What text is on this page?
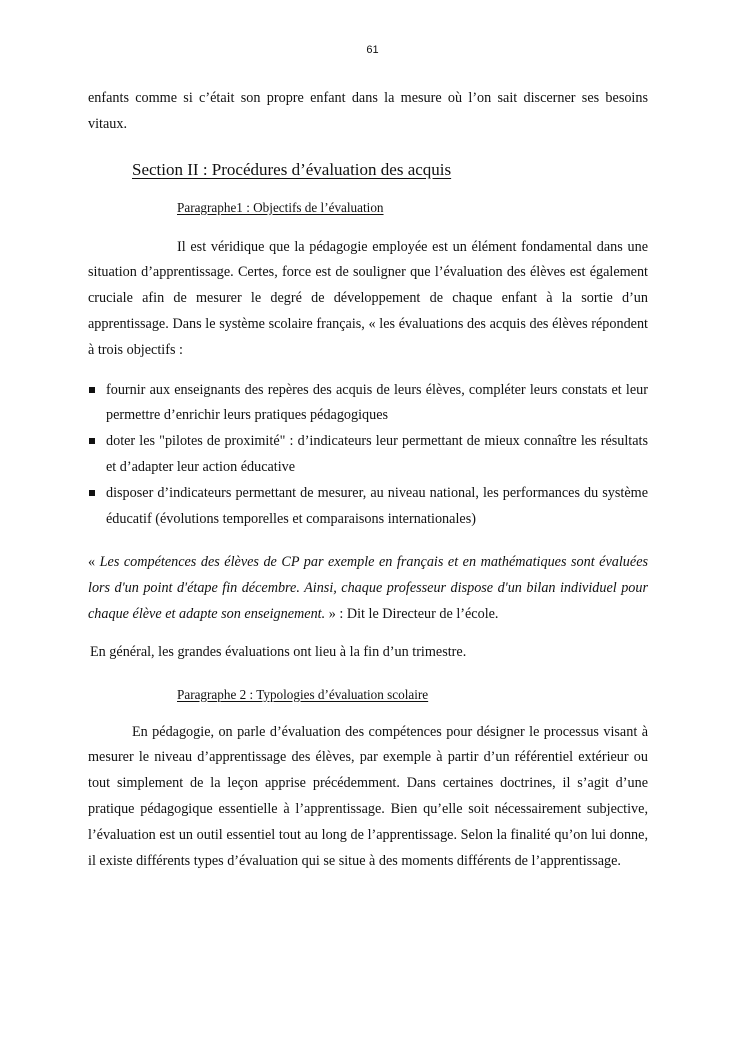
61

enfants comme si c’était son propre enfant dans la mesure où l’on sait discerner ses besoins vitaux.

Section II : Procédures d’évaluation des acquis
Paragraphe1 : Objectifs de l’évaluation

Il est véridique que la pédagogie employée est un élément fondamental dans une situation d’apprentissage. Certes, force est de souligner que l’évaluation des élèves est également cruciale afin de mesurer le degré de développement de chaque enfant à la sortie d’un apprentissage. Dans le système scolaire français, « les évaluations des acquis des élèves répondent à trois objectifs :

fournir aux enseignants des repères des acquis de leurs élèves, compléter leurs constats et leur permettre d’enrichir leurs pratiques pédagogiques
doter les "pilotes de proximité" : d’indicateurs leur permettant de mieux connaître les résultats et d’adapter leur action éducative
disposer d’indicateurs permettant de mesurer, au niveau national, les performances du système éducatif (évolutions temporelles et comparaisons internationales)

« Les compétences des élèves de CP par exemple en français et en mathématiques sont évaluées lors d'un point d'étape fin décembre. Ainsi, chaque professeur dispose d'un bilan individuel pour chaque élève et adapte son enseignement. » : Dit le Directeur de l’école.

En général, les grandes évaluations ont lieu à la fin d’un trimestre.

Paragraphe 2 : Typologies d’évaluation scolaire

En pédagogie, on parle d’évaluation des compétences pour désigner le processus visant à mesurer le niveau d’apprentissage des élèves, par exemple à partir d’un référentiel extérieur ou tout simplement de la leçon apprise précédemment. Dans certaines doctrines, il s’agit d’une pratique pédagogique essentielle à l’apprentissage. Bien qu’elle soit nécessairement subjective, l’évaluation est un outil essentiel tout au long de l’apprentissage. Selon la finalité qu’on lui donne, il existe différents types d’évaluation qui se situe à des moments différents de l’apprentissage.
